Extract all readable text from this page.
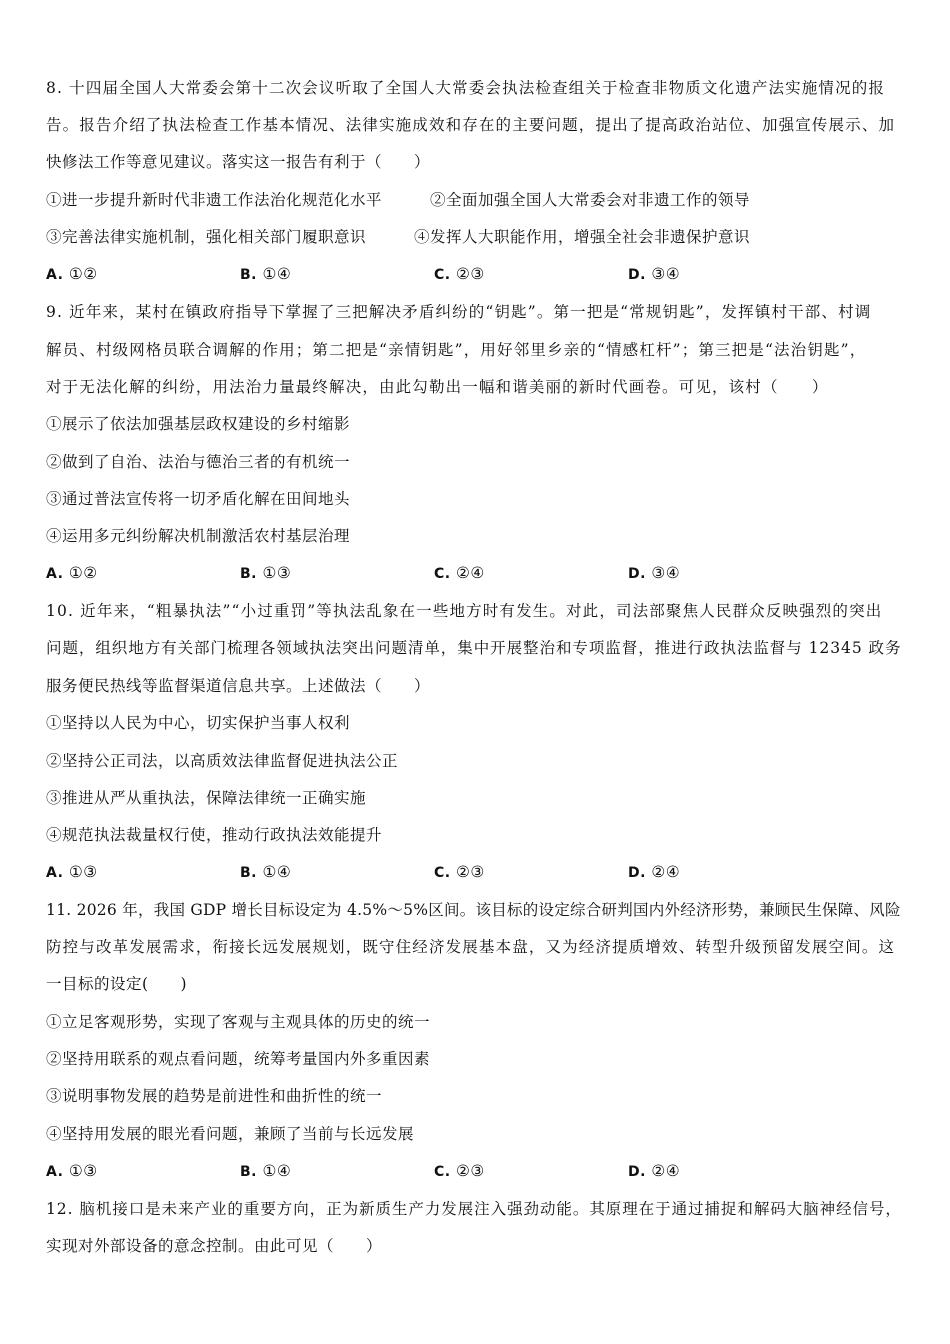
8. 十四届全国人大常委会第十二次会议听取了全国人大常委会执法检查组关于检查非物质文化遗产法实施情况的报
告。报告介绍了执法检查工作基本情况、法律实施成效和存在的主要问题，提出了提高政治站位、加强宣传展示、加
快修法工作等意见建议。落实这一报告有利于（　　）
①进一步提升新时代非遗工作法治化规范化水平	②全面加强全国人大常委会对非遗工作的领导
③完善法律实施机制，强化相关部门履职意识	④发挥人大职能作用，增强全社会非遗保护意识
A. ①②	B. ①④	C. ②③	D. ③④
9. 近年来，某村在镇政府指导下掌握了三把解决矛盾纠纷的“钥匙”。第一把是“常规钥匙”，发挥镇村干部、村调
解员、村级网格员联合调解的作用；第二把是“亲情钥匙”，用好邻里乡亲的“情感杠杆”；第三把是“法治钥匙”，
对于无法化解的纠纷，用法治力量最终解决，由此勾勒出一幅和谐美丽的新时代画卷。可见，该村（　　）
①展示了依法加强基层政权建设的乡村缩影
②做到了自治、法治与德治三者的有机统一
③通过普法宣传将一切矛盾化解在田间地头
④运用多元纠纷解决机制激活农村基层治理
A. ①②	B. ①③	C. ②④	D. ③④
10. 近年来，“粗暴执法”“小过重罚”等执法乱象在一些地方时有发生。对此，司法部聚焦人民群众反映强烈的突出
问题，组织地方有关部门梳理各领域执法突出问题清单，集中开展整治和专项监督，推进行政执法监督与 12345 政务
服务便民热线等监督渠道信息共享。上述做法（　　）
①坚持以人民为中心，切实保护当事人权利
②坚持公正司法，以高质效法律监督促进执法公正
③推进从严从重执法，保障法律统一正确实施
④规范执法裁量权行使，推动行政执法效能提升
A. ①③	B. ①④	C. ②③	D. ②④
11. 2026 年，我国 GDP 增长目标设定为 4.5%～5%区间。该目标的设定综合研判国内外经济形势，兼顾民生保障、风险
防控与改革发展需求，衔接长远发展规划，既守住经济发展基本盘，又为经济提质增效、转型升级预留发展空间。这
一目标的设定(　　)
①立足客观形势，实现了客观与主观具体的历史的统一
②坚持用联系的观点看问题，统筹考量国内外多重因素
③说明事物发展的趋势是前进性和曲折性的统一
④坚持用发展的眼光看问题，兼顾了当前与长远发展
A. ①③	B. ①④	C. ②③	D. ②④
12. 脑机接口是未来产业的重要方向，正为新质生产力发展注入强劲动能。其原理在于通过捕捉和解码大脑神经信号，
实现对外部设备的意念控制。由此可见（　　）
